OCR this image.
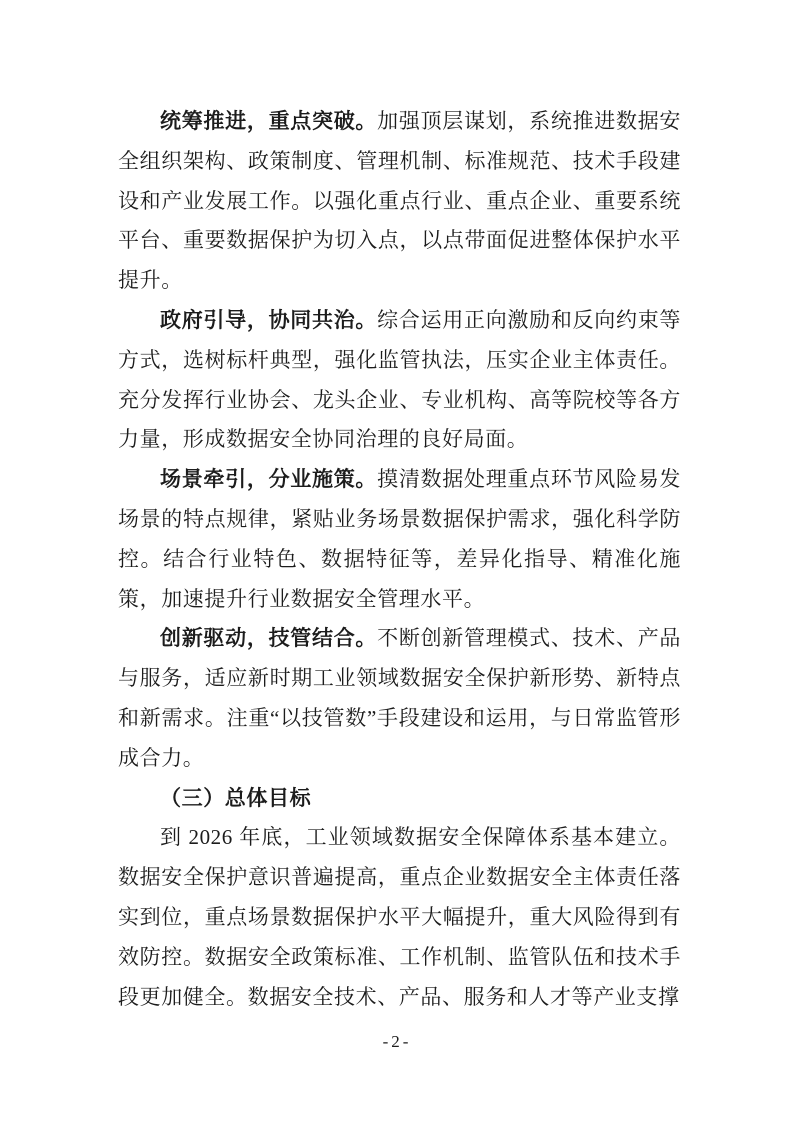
统筹推进，重点突破。加强顶层谋划，系统推进数据安全组织架构、政策制度、管理机制、标准规范、技术手段建设和产业发展工作。以强化重点行业、重点企业、重要系统平台、重要数据保护为切入点，以点带面促进整体保护水平提升。

政府引导，协同共治。综合运用正向激励和反向约束等方式，选树标杆典型，强化监管执法，压实企业主体责任。充分发挥行业协会、龙头企业、专业机构、高等院校等各方力量，形成数据安全协同治理的良好局面。

场景牵引，分业施策。摸清数据处理重点环节风险易发场景的特点规律，紧贴业务场景数据保护需求，强化科学防控。结合行业特色、数据特征等，差异化指导、精准化施策，加速提升行业数据安全管理水平。

创新驱动，技管结合。不断创新管理模式、技术、产品与服务，适应新时期工业领域数据安全保护新形势、新特点和新需求。注重“以技管数”手段建设和运用，与日常监管形成合力。

（三）总体目标

到 2026 年底，工业领域数据安全保障体系基本建立。数据安全保护意识普遍提高，重点企业数据安全主体责任落实到位，重点场景数据保护水平大幅提升，重大风险得到有效防控。数据安全政策标准、工作机制、监管队伍和技术手段更加健全。数据安全技术、产品、服务和人才等产业支撑

-2-
